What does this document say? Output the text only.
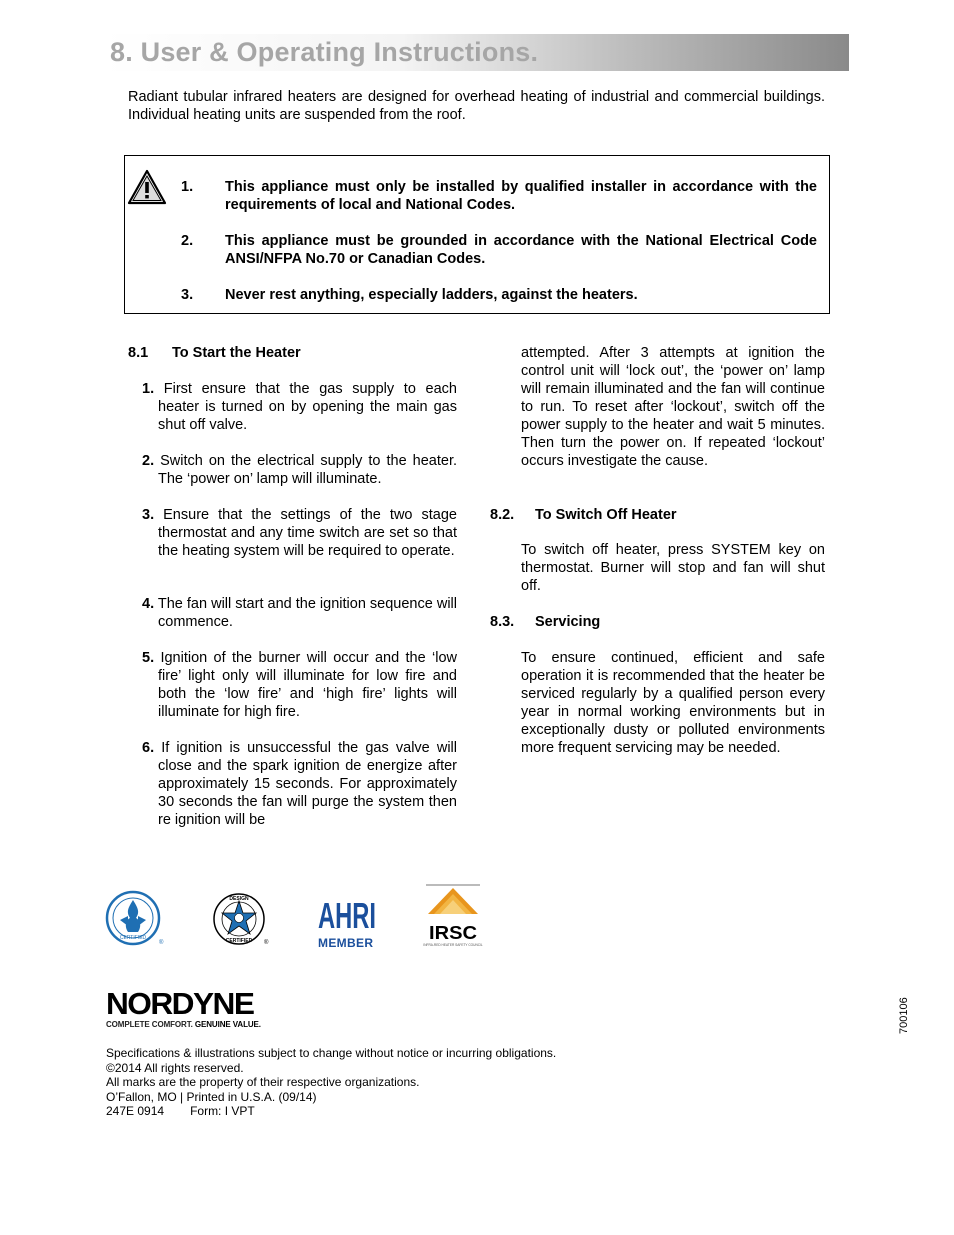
8. User & Operating Instructions.

Radiant tubular infrared heaters are designed for overhead heating of industrial and commercial buildings. Individual heating units are suspended from the roof.

1. This appliance must only be installed by qualified installer in accordance with the requirements of local and National Codes.
2. This appliance must be grounded in accordance with the National Electrical Code ANSI/NFPA No.70 or Canadian Codes.
3. Never rest anything, especially ladders, against the heaters.
8.1 To Start the Heater
1. First ensure that the gas supply to each heater is turned on by opening the main gas shut off valve.
2. Switch on the electrical supply to the heater. The ‘power on’ lamp will illuminate.
3. Ensure that the settings of the two stage thermostat and any time switch are set so that the heating system will be required to operate.
4. The fan will start and the ignition sequence will commence.
5. Ignition of the burner will occur and the ‘low fire’ light only will illuminate for low fire and both the ‘low fire’ and ‘high fire’ lights will illuminate for high fire.
6. If ignition is unsuccessful the gas valve will close and the spark ignition de energize after approximately 15 seconds. For approximately 30 seconds the fan will purge the system then re ignition will be

attempted. After 3 attempts at ignition the control unit will ‘lock out’, the ‘power on’ lamp will remain illuminated and the fan will continue to run. To reset after ‘lockout’, switch off the power supply to the heater and wait 5 minutes. Then turn the power on. If repeated ‘lockout’ occurs investigate the cause.

8.2. To Switch Off Heater

To switch off heater, press SYSTEM key on thermostat. Burner will stop and fan will shut off.

8.3. Servicing

To ensure continued, efficient and safe operation it is recommended that the heater be serviced regularly by a qualified person every year in normal working environments but in exceptionally dusty or polluted environments more frequent servicing may be needed.

CERTIFIED
®
DESIGN
CERTIFIED ®
AHRI
MEMBER	IRSC
INFRA-RED HEATER SAFETY COUNCIL
NORDYNE
COMPLETE COMFORT. GENUINE VALUE.	700106
Specifications & illustrations subject to change without notice or incurring obligations.
©2014 All rights reserved.
All marks are the property of their respective organizations.
O’Fallon, MO | Printed in U.S.A. (09/14)
247E 0914 Form: I VPT
